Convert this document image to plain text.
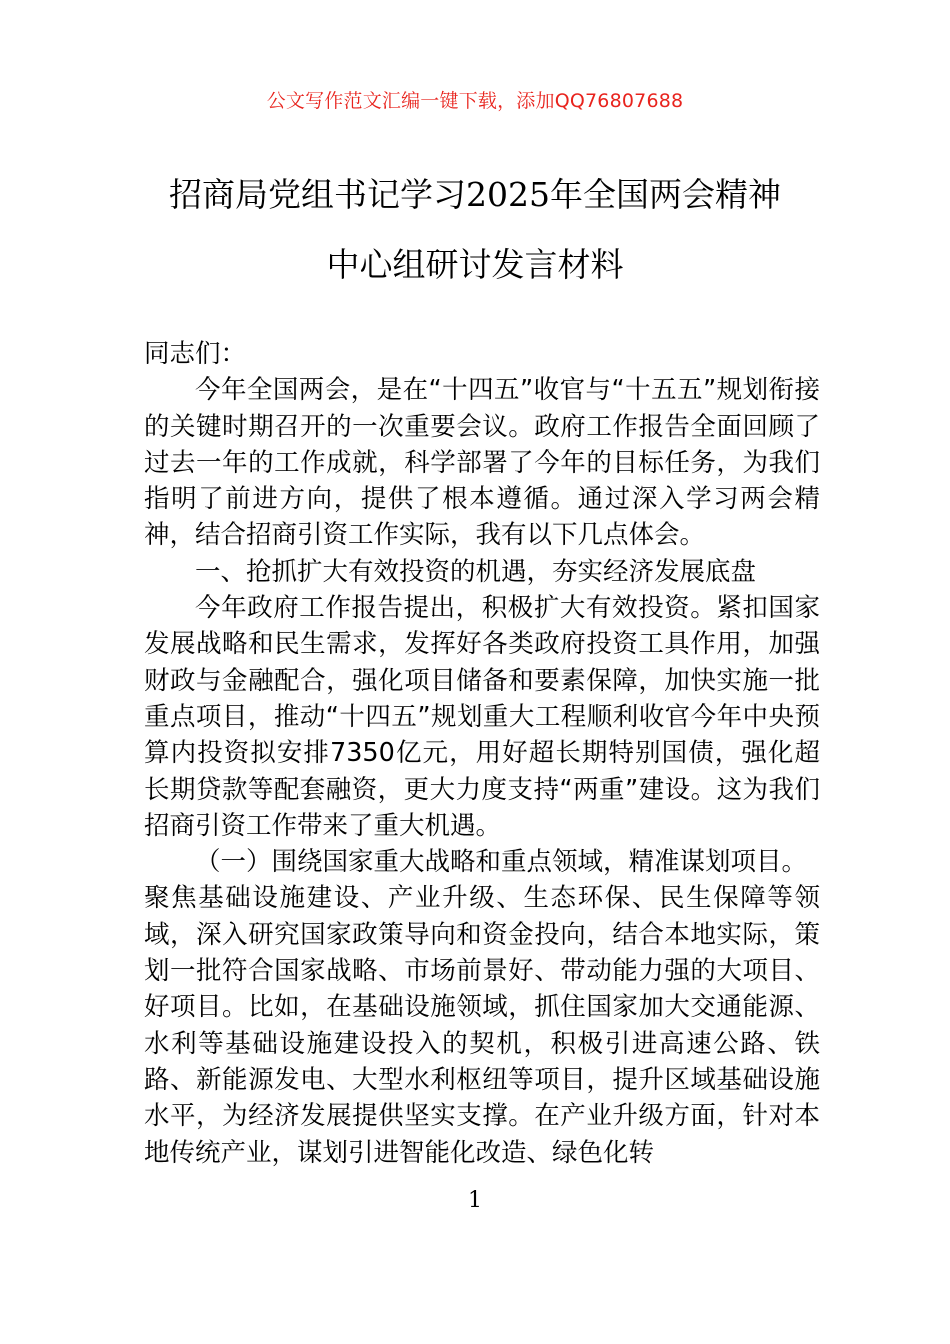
公文写作范文汇编一键下载，添加QQ76807688
招商局党组书记学习2025年全国两会精神
中心组研讨发言材料

同志们：

今年全国两会，是在“十四五”收官与“十五五”规划衔接的关键时期召开的一次重要会议。政府工作报告全面回顾了过去一年的工作成就，科学部署了今年的目标任务，为我们指明了前进方向，提供了根本遵循。通过深入学习两会精神，结合招商引资工作实际，我有以下几点体会。

一、抢抓扩大有效投资的机遇，夯实经济发展底盘

今年政府工作报告提出，积极扩大有效投资。紧扣国家发展战略和民生需求，发挥好各类政府投资工具作用，加强财政与金融配合，强化项目储备和要素保障，加快实施一批重点项目，推动“十四五”规划重大工程顺利收官今年中央预算内投资拟安排7350亿元，用好超长期特别国债，强化超长期贷款等配套融资，更大力度支持“两重”建设。这为我们招商引资工作带来了重大机遇。

（一）围绕国家重大战略和重点领域，精准谋划项目。

聚焦基础设施建设、产业升级、生态环保、民生保障等领域，深入研究国家政策导向和资金投向，结合本地实际，策划一批符合国家战略、市场前景好、带动能力强的大项目、好项目。比如，在基础设施领域，抓住国家加大交通能源、水利等基础设施建设投入的契机，积极引进高速公路、铁路、新能源发电、大型水利枢纽等项目，提升区域基础设施水平，为经济发展提供坚实支撑。在产业升级方面，针对本地传统产业，谋划引进智能化改造、绿色化转

1
